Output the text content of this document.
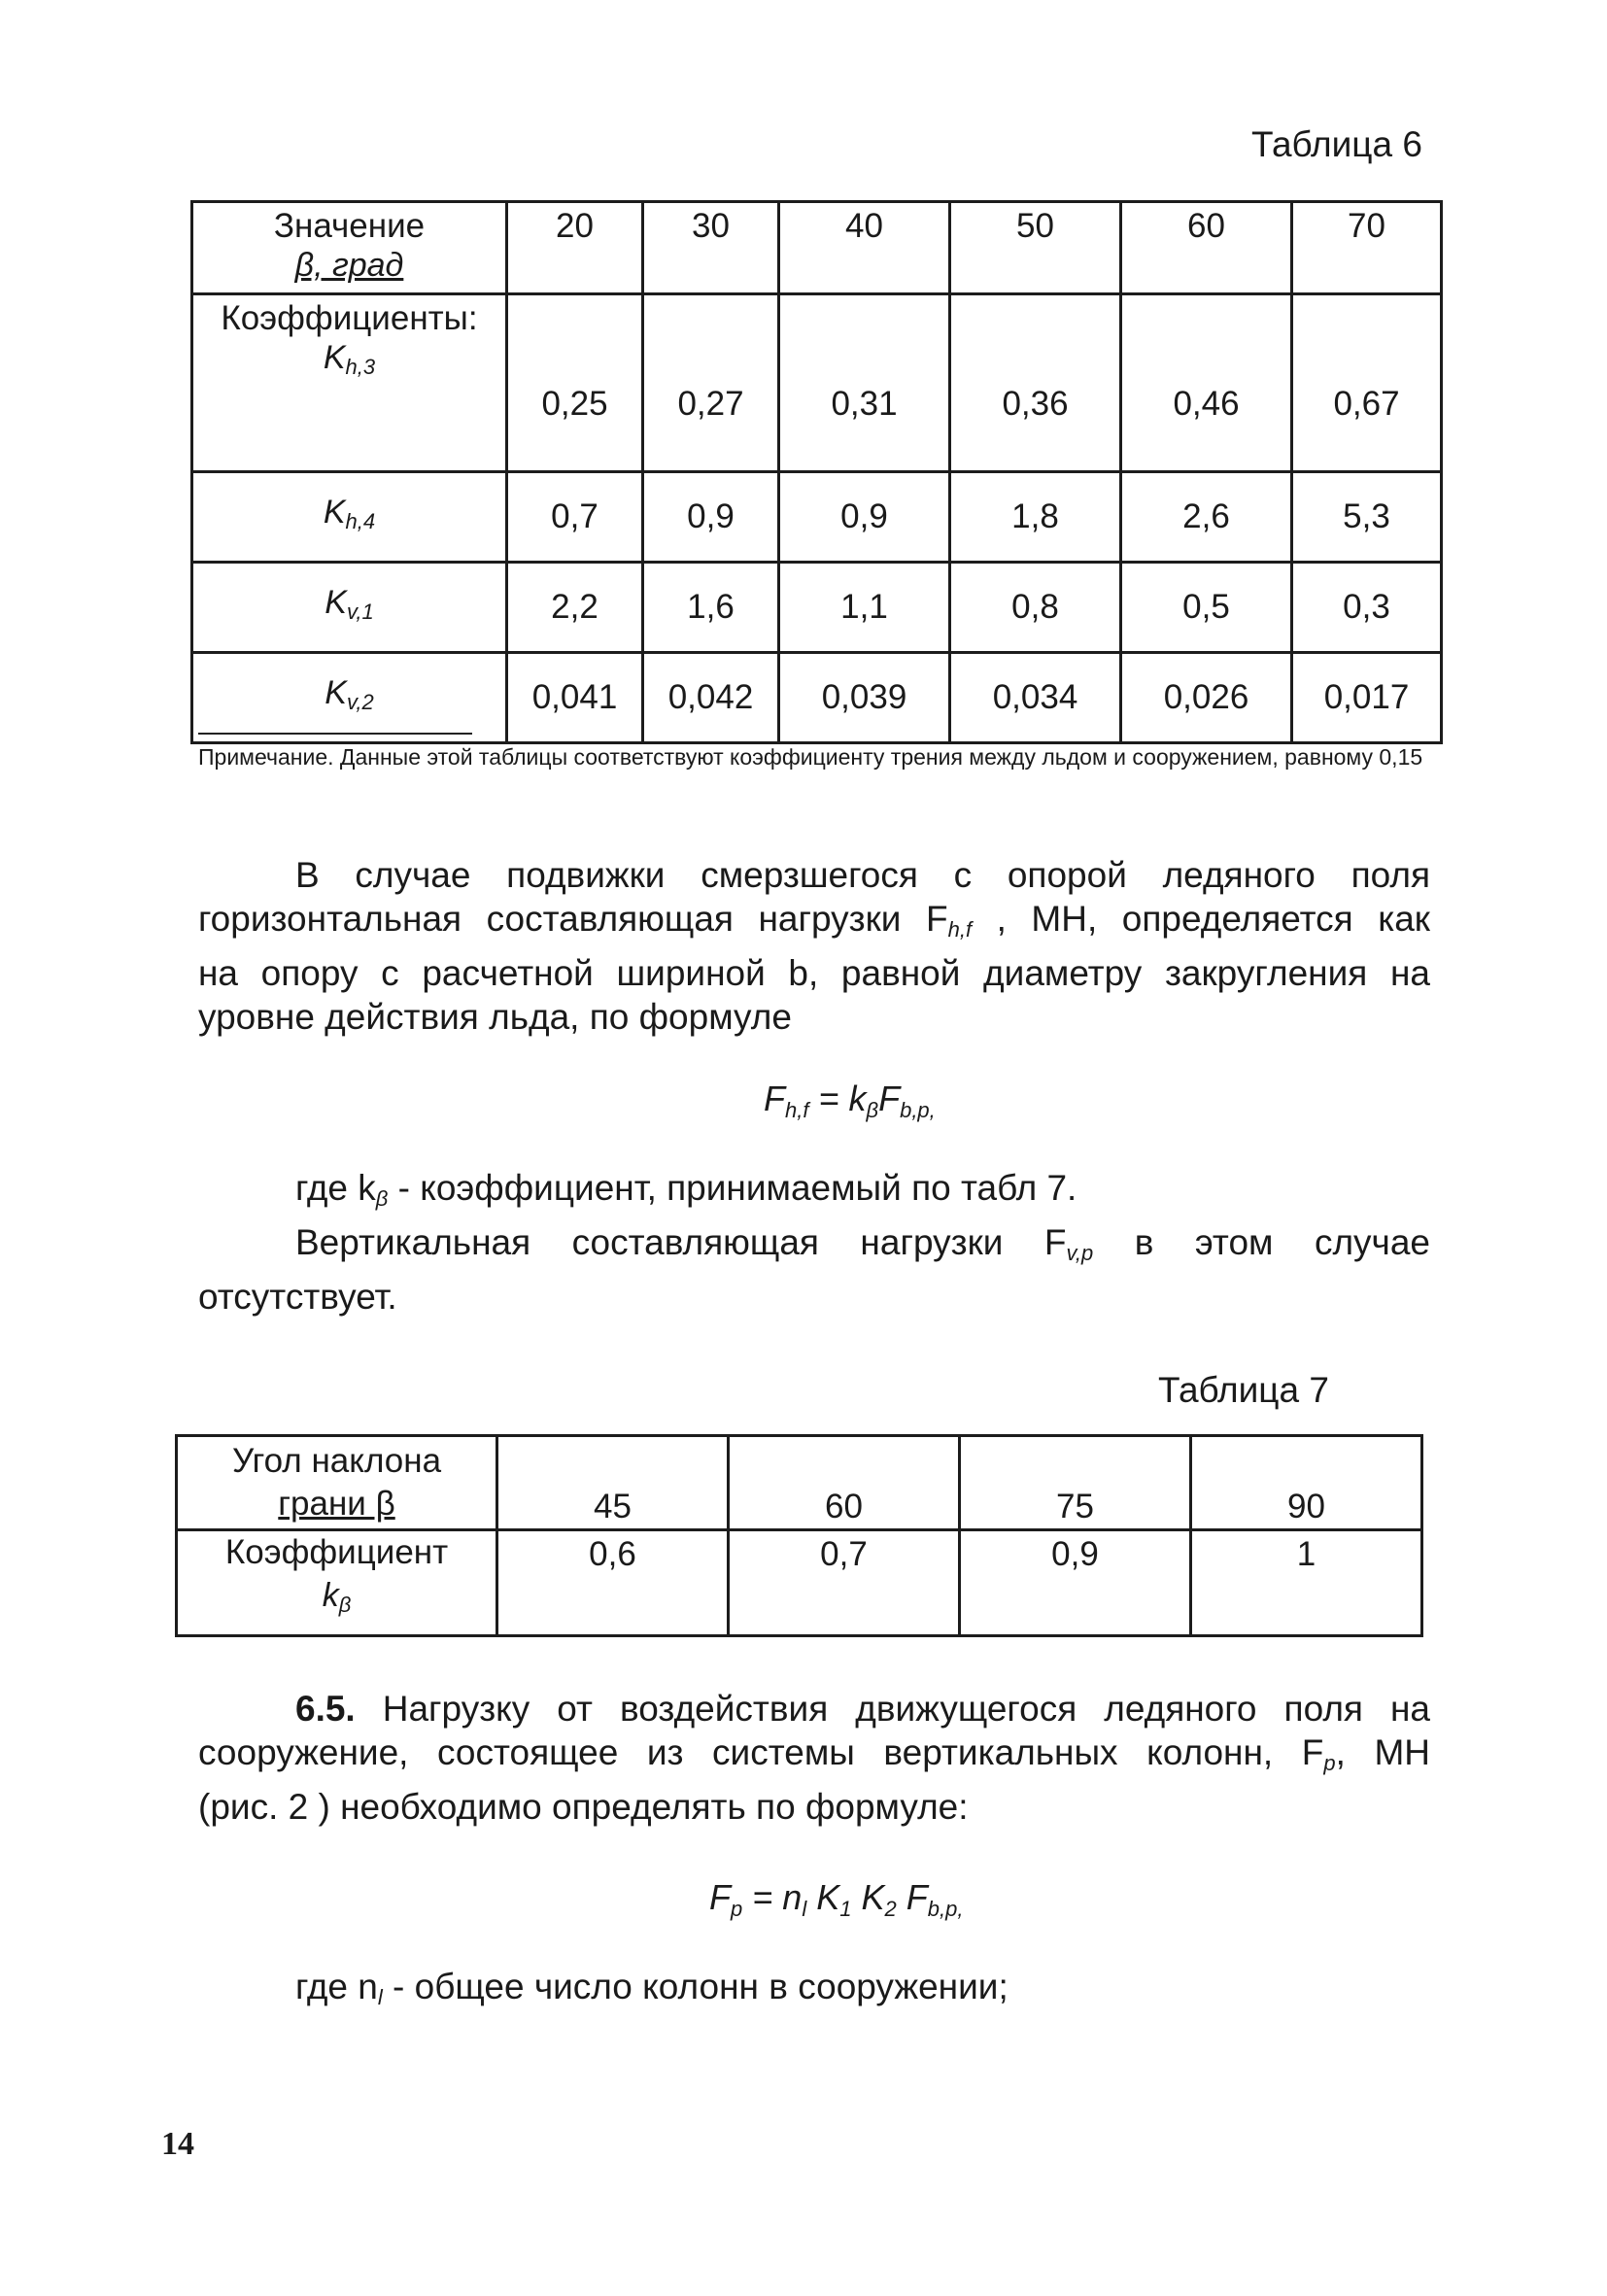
Таблица 6
Значение
β, град	20	30	40	50	60	70
Коэффициенты:
$K_{h,3}$	0,25	0,27	0,31	0,36	0,46	0,67
$K_{h,4}$	0,7	0,9	0,9	1,8	2,6	5,3
$K_{v,1}$	2,2	1,6	1,1	0,8	0,5	0,3
$K_{v,2}$	0,041	0,042	0,039	0,034	0,026	0,017
Примечание. Данные этой таблицы соответствуют коэффициенту трения между льдом и сооружением, равному 0,15
В случае подвижки смерзшегося с опорой ледяного поля
горизонтальная составляющая нагрузки $F_{h,f}$ , МН, определяется как
на опору с расчетной шириной b, равной диаметру закругления на
уровне действия льда, по формуле
Fh,f = kβFb,p,
где $k_\beta$ - коэффициент, принимаемый по табл 7.
Вертикальная составляющая нагрузки $F_{v,p}$ в этом случае
отсутствует.
Таблица 7
Угол наклона
грани β	45	60	75	90
Коэффициент
$k_\beta$	0,6	0,7	0,9	1
6.5. Нагрузку от воздействия движущегося ледяного поля на
сооружение, состоящее из системы вертикальных колонн, $F_p$, МН
(рис. 2 ) необходимо определять по формуле:
Fp = nl K1 K2 Fb,p,
где $n_l$ - общее число колонн в сооружении;
14
